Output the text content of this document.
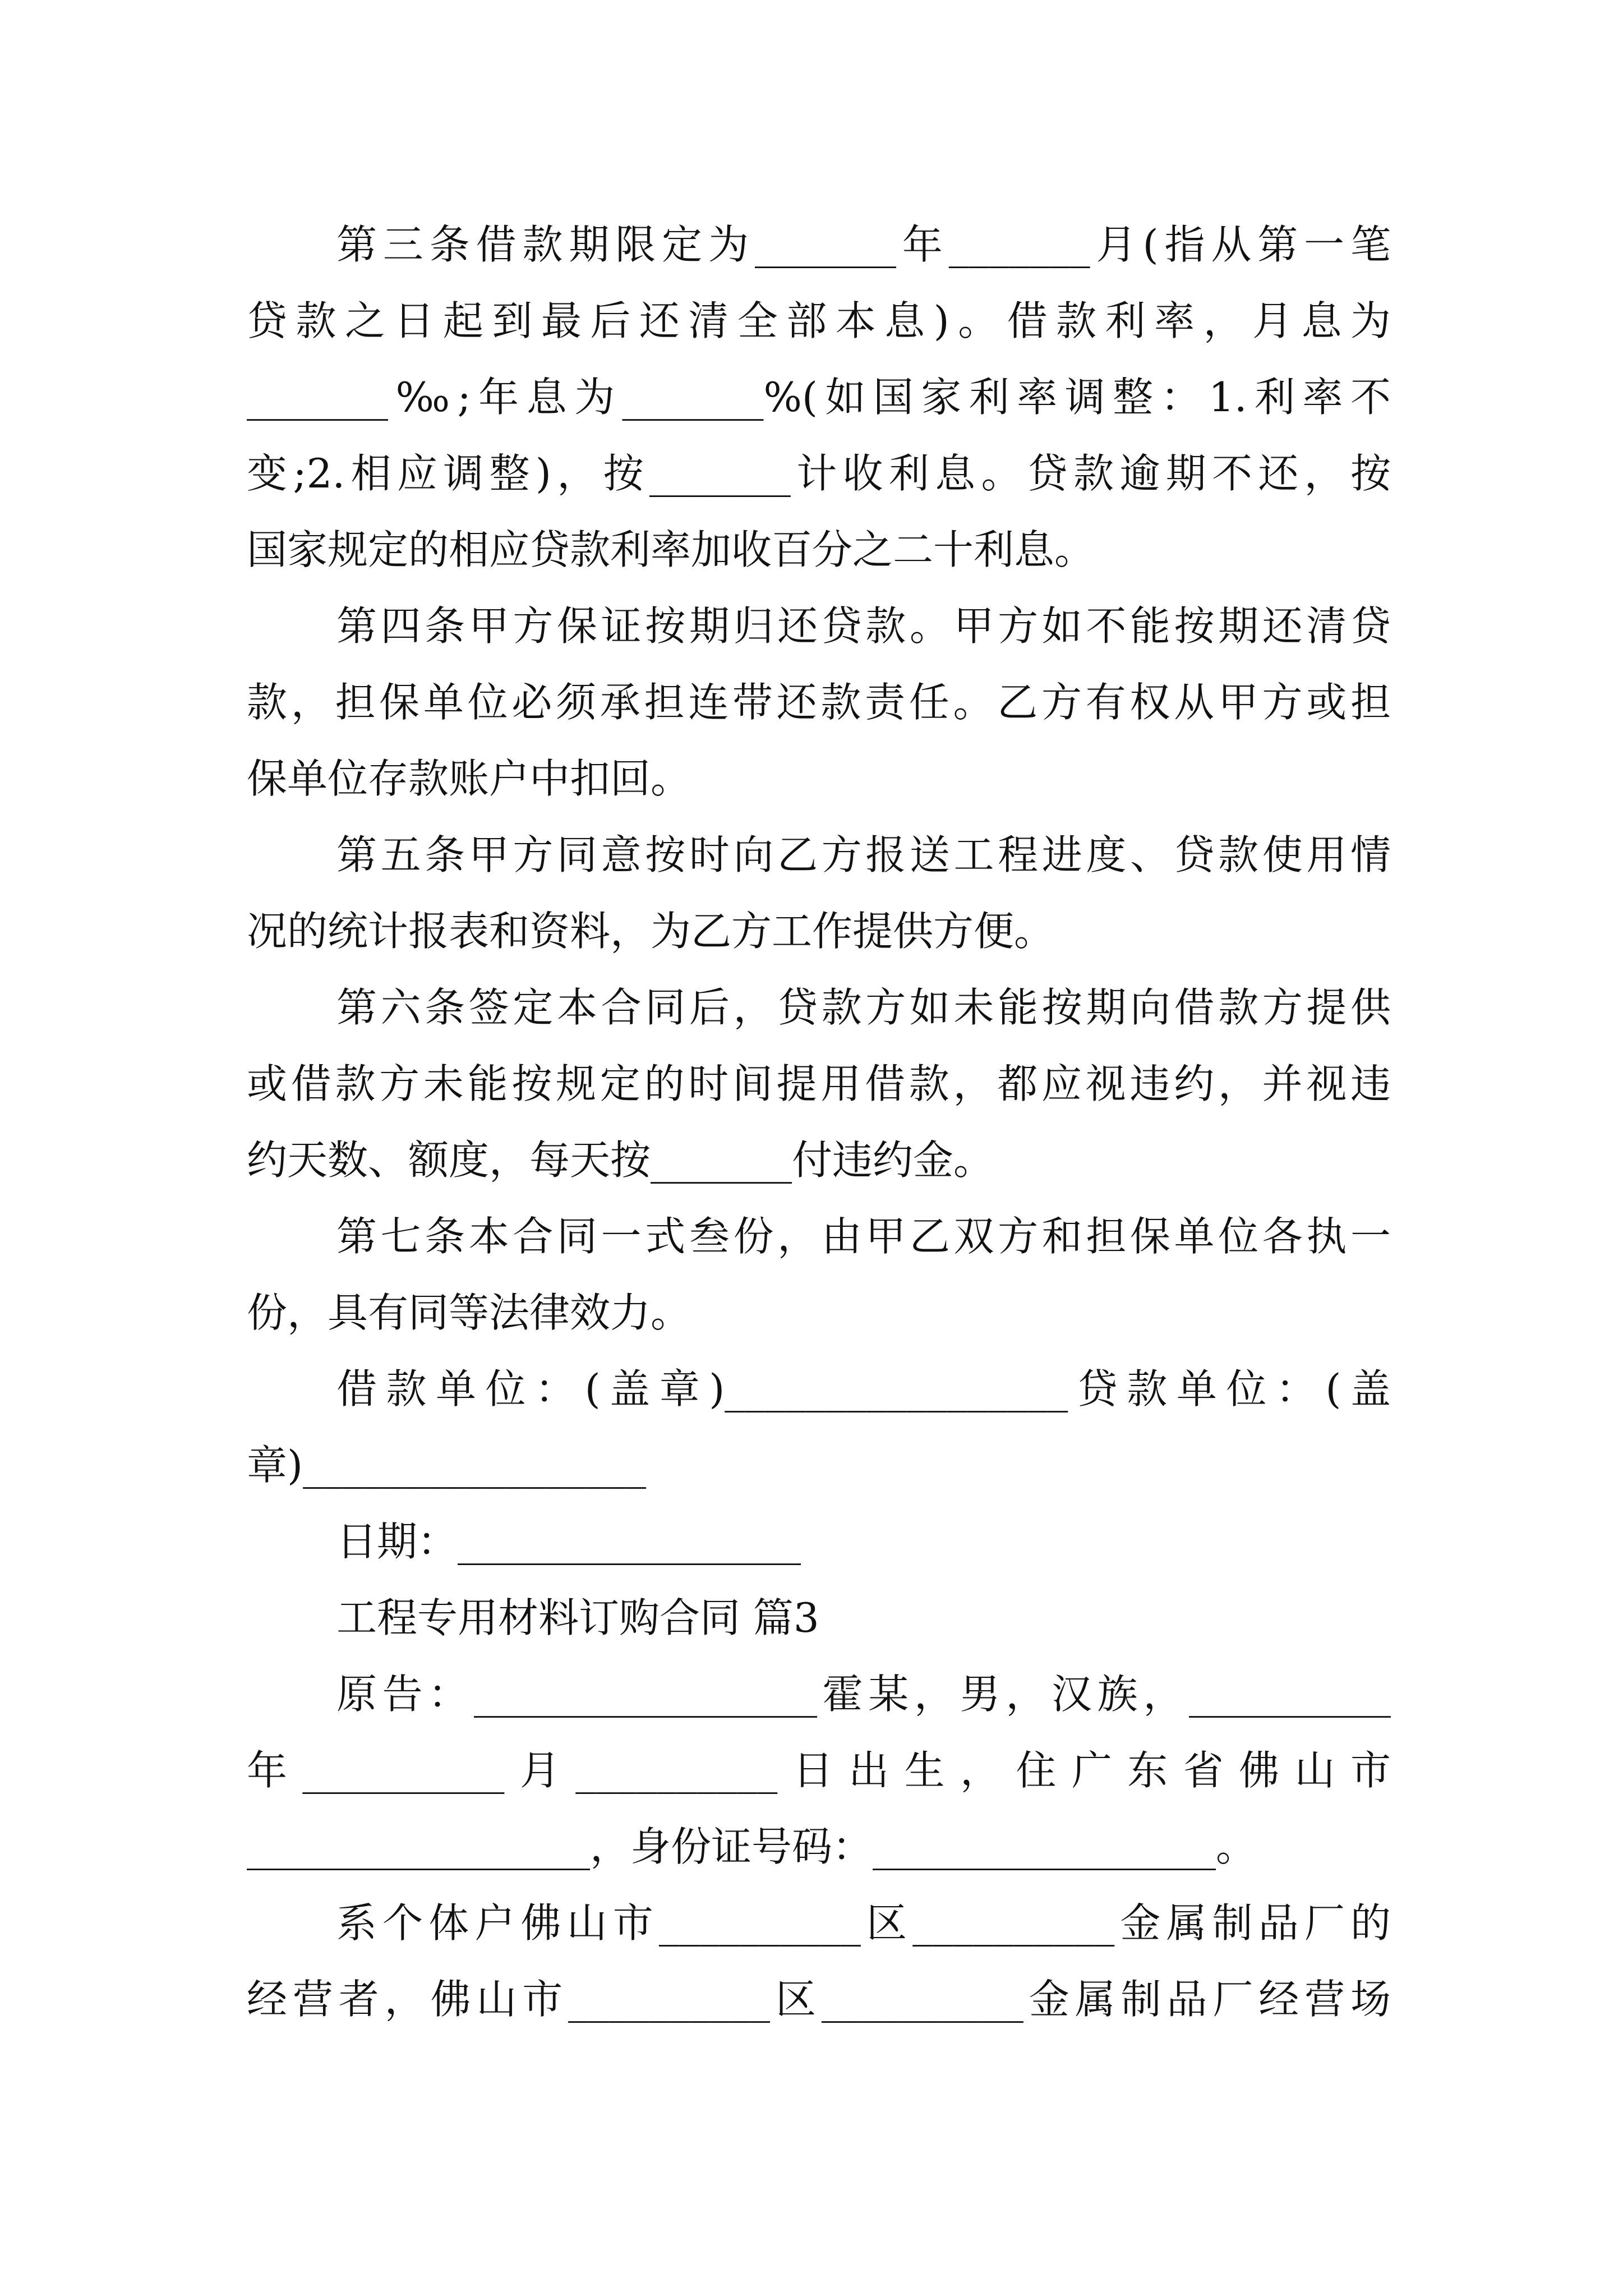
第三条借款期限定为_______年_______月(指从第一笔
贷款之日起到最后还清全部本息)。借款利率，月息为
_______‰;年息为_______%(如国家利率调整：1.利率不
变;2.相应调整)，按_______计收利息。贷款逾期不还，按
国家规定的相应贷款利率加收百分之二十利息。
第四条甲方保证按期归还贷款。甲方如不能按期还清贷
款，担保单位必须承担连带还款责任。乙方有权从甲方或担
保单位存款账户中扣回。
第五条甲方同意按时向乙方报送工程进度、贷款使用情
况的统计报表和资料，为乙方工作提供方便。
第六条签定本合同后，贷款方如未能按期向借款方提供
或借款方未能按规定的时间提用借款，都应视违约，并视违
约天数、额度，每天按_______付违约金。
第七条本合同一式叁份，由甲乙双方和担保单位各执一
份，具有同等法律效力。
借款单位：(盖章)_________________贷款单位：(盖
章)_________________
日期：_________________
工程专用材料订购合同 篇3
原告：_________________霍某，男，汉族，__________
年__________月__________日出生，住广东省佛山市
_________________，身份证号码：_________________。
系个体户佛山市__________区__________金属制品厂的
经营者，佛山市__________区__________金属制品厂经营场
